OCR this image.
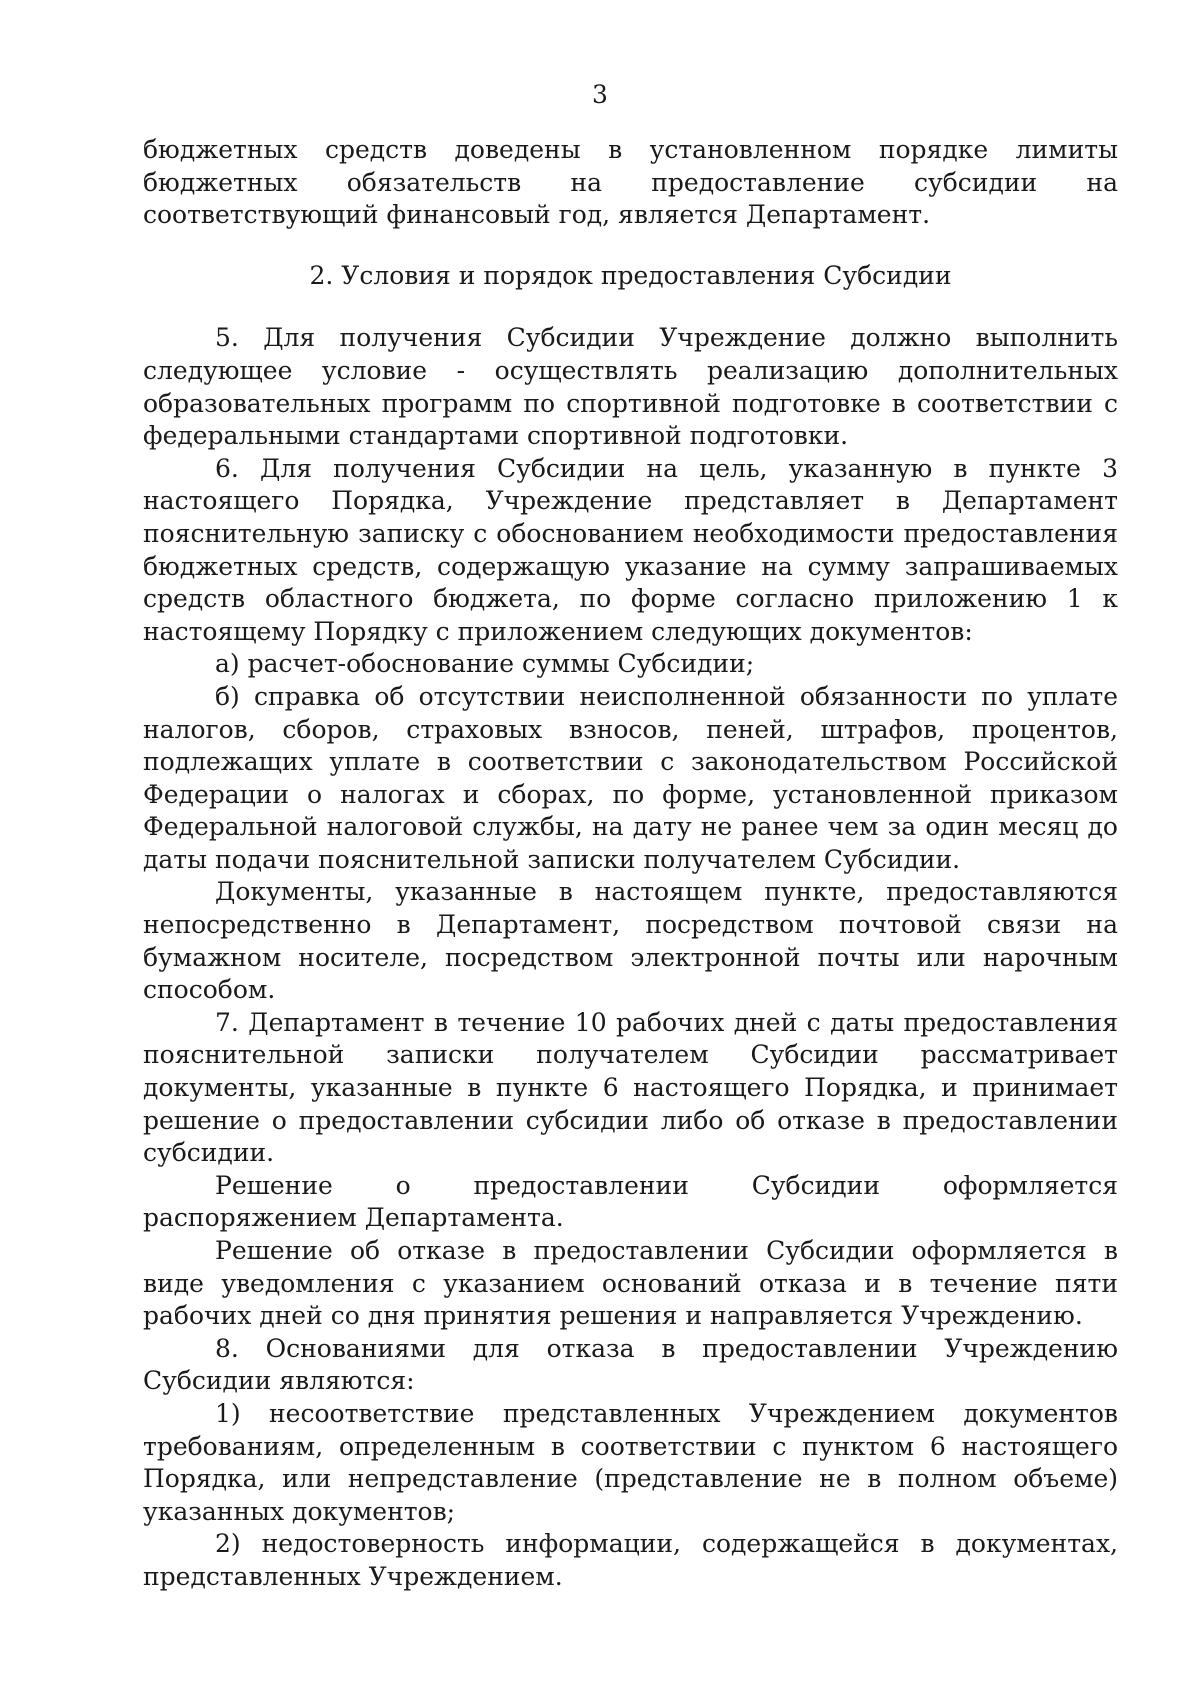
3

бюджетных средств доведены в установленном порядке лимиты бюджетных обязательств на предоставление субсидии на соответствующий финансовый год, является Департамент.

2. Условия и порядок предоставления Субсидии

5. Для получения Субсидии Учреждение должно выполнить следующее условие - осуществлять реализацию дополнительных образовательных программ по спортивной подготовке в соответствии с федеральными стандартами спортивной подготовки.

6. Для получения Субсидии на цель, указанную в пункте 3 настоящего Порядка, Учреждение представляет в Департамент пояснительную записку с обоснованием необходимости предоставления бюджетных средств, содержащую указание на сумму запрашиваемых средств областного бюджета, по форме согласно приложению 1 к настоящему Порядку с приложением следующих документов:

а) расчет-обоснование суммы Субсидии;

б) справка об отсутствии неисполненной обязанности по уплате налогов, сборов, страховых взносов, пеней, штрафов, процентов, подлежащих уплате в соответствии с законодательством Российской Федерации о налогах и сборах, по форме, установленной приказом Федеральной налоговой службы, на дату не ранее чем за один месяц до даты подачи пояснительной записки получателем Субсидии.

Документы, указанные в настоящем пункте, предоставляются непосредственно в Департамент, посредством почтовой связи на бумажном носителе, посредством электронной почты или нарочным способом.

7. Департамент в течение 10 рабочих дней с даты предоставления пояснительной записки получателем Субсидии рассматривает документы, указанные в пункте 6 настоящего Порядка, и принимает решение о предоставлении субсидии либо об отказе в предоставлении субсидии.

Решение о предоставлении Субсидии оформляется распоряжением Департамента.

Решение об отказе в предоставлении Субсидии оформляется в виде уведомления с указанием оснований отказа и в течение пяти рабочих дней со дня принятия решения и направляется Учреждению.

8. Основаниями для отказа в предоставлении Учреждению Субсидии являются:

1) несоответствие представленных Учреждением документов требованиям, определенным в соответствии с пунктом 6 настоящего Порядка, или непредставление (представление не в полном объеме) указанных документов;

2) недостоверность информации, содержащейся в документах, представленных Учреждением.
